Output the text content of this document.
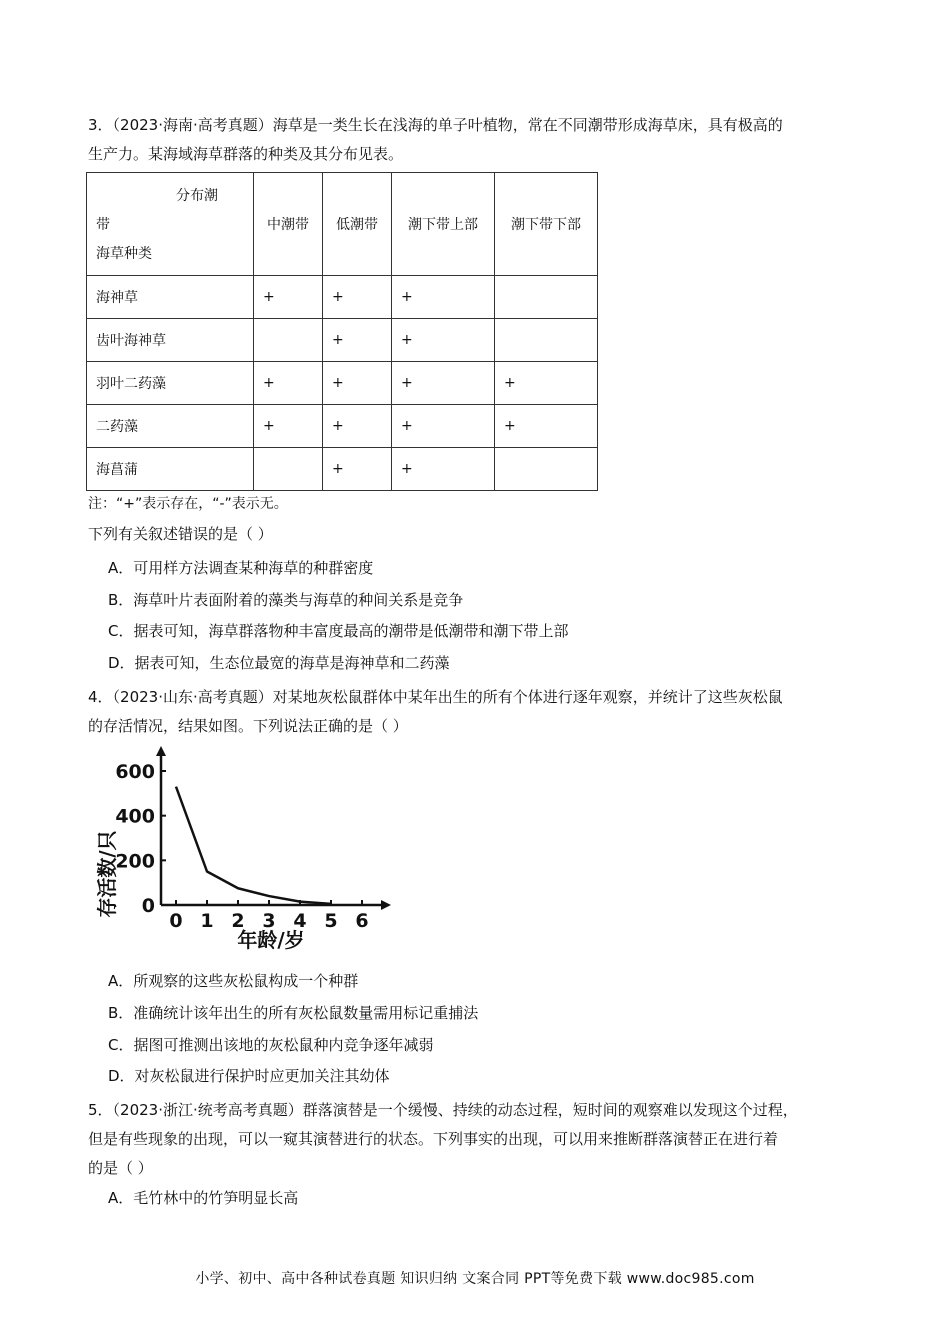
3．（2023·海南·高考真题）海草是一类生长在浅海的单子叶植物，常在不同潮带形成海草床，具有极高的

生产力。某海域海草群落的种类及其分布见表。

分布潮
带
海草种类	中潮带	低潮带	潮下带上部	潮下带下部
海神草	+	+	+	
齿叶海神草		+	+	
羽叶二药藻	+	+	+	+
二药藻	+	+	+	+
海菖蒲		+	+	
注：“+”表示存在，“-”表示无。

下列有关叙述错误的是（ ）

A．可用样方法调查某种海草的种群密度

B．海草叶片表面附着的藻类与海草的种间关系是竞争

C．据表可知，海草群落物种丰富度最高的潮带是低潮带和潮下带上部

D．据表可知，生态位最宽的海草是海神草和二药藻

4．（2023·山东·高考真题）对某地灰松鼠群体中某年出生的所有个体进行逐年观察，并统计了这些灰松鼠

的存活情况，结果如图。下列说法正确的是（ ）

0 1 2 3 4 5 6
0
200
400
600
存活数/只
年龄/岁

A．所观察的这些灰松鼠构成一个种群

B．准确统计该年出生的所有灰松鼠数量需用标记重捕法

C．据图可推测出该地的灰松鼠种内竞争逐年减弱

D．对灰松鼠进行保护时应更加关注其幼体

5．（2023·浙江·统考高考真题）群落演替是一个缓慢、持续的动态过程，短时间的观察难以发现这个过程，

但是有些现象的出现，可以一窥其演替进行的状态。下列事实的出现，可以用来推断群落演替正在进行着

的是（ ）

A．毛竹林中的竹笋明显长高

小学、初中、高中各种试卷真题 知识归纳 文案合同 PPT等免费下载 www.doc985.com
